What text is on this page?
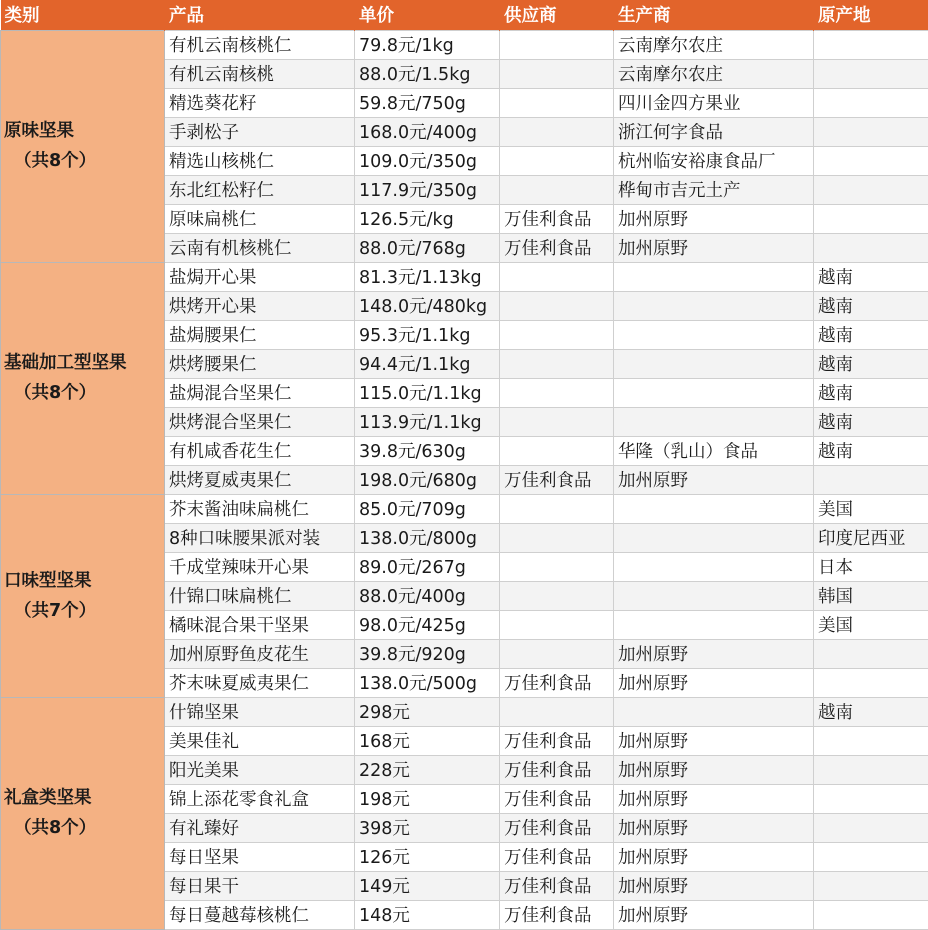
类别	产品	单价	供应商	生产商	原产地
原味坚果
（共8个）	有机云南核桃仁	79.8元/1kg		云南摩尔农庄	
	有机云南核桃	88.0元/1.5kg		云南摩尔农庄	
	精选葵花籽	59.8元/750g		四川金四方果业	
	手剥松子	168.0元/400g		浙江何字食品	
	精选山核桃仁	109.0元/350g		杭州临安裕康食品厂	
	东北红松籽仁	117.9元/350g		桦甸市吉元土产	
	原味扁桃仁	126.5元/kg	万佳利食品	加州原野	
	云南有机核桃仁	88.0元/768g	万佳利食品	加州原野	
基础加工型坚果
（共8个）	盐焗开心果	81.3元/1.13kg			越南
	烘烤开心果	148.0元/480kg			越南
	盐焗腰果仁	95.3元/1.1kg			越南
	烘烤腰果仁	94.4元/1.1kg			越南
	盐焗混合坚果仁	115.0元/1.1kg			越南
	烘烤混合坚果仁	113.9元/1.1kg			越南
	有机咸香花生仁	39.8元/630g		华隆（乳山）食品	越南
	烘烤夏威夷果仁	198.0元/680g	万佳利食品	加州原野	
口味型坚果
（共7个）	芥末酱油味扁桃仁	85.0元/709g			美国
	8种口味腰果派对装	138.0元/800g			印度尼西亚
	千成堂辣味开心果	89.0元/267g			日本
	什锦口味扁桃仁	88.0元/400g			韩国
	橘味混合果干坚果	98.0元/425g			美国
	加州原野鱼皮花生	39.8元/920g		加州原野	
	芥末味夏威夷果仁	138.0元/500g	万佳利食品	加州原野	
礼盒类坚果
（共8个）	什锦坚果	298元			越南
	美果佳礼	168元	万佳利食品	加州原野	
	阳光美果	228元	万佳利食品	加州原野	
	锦上添花零食礼盒	198元	万佳利食品	加州原野	
	有礼臻好	398元	万佳利食品	加州原野	
	每日坚果	126元	万佳利食品	加州原野	
	每日果干	149元	万佳利食品	加州原野	
	每日蔓越莓核桃仁	148元	万佳利食品	加州原野	
